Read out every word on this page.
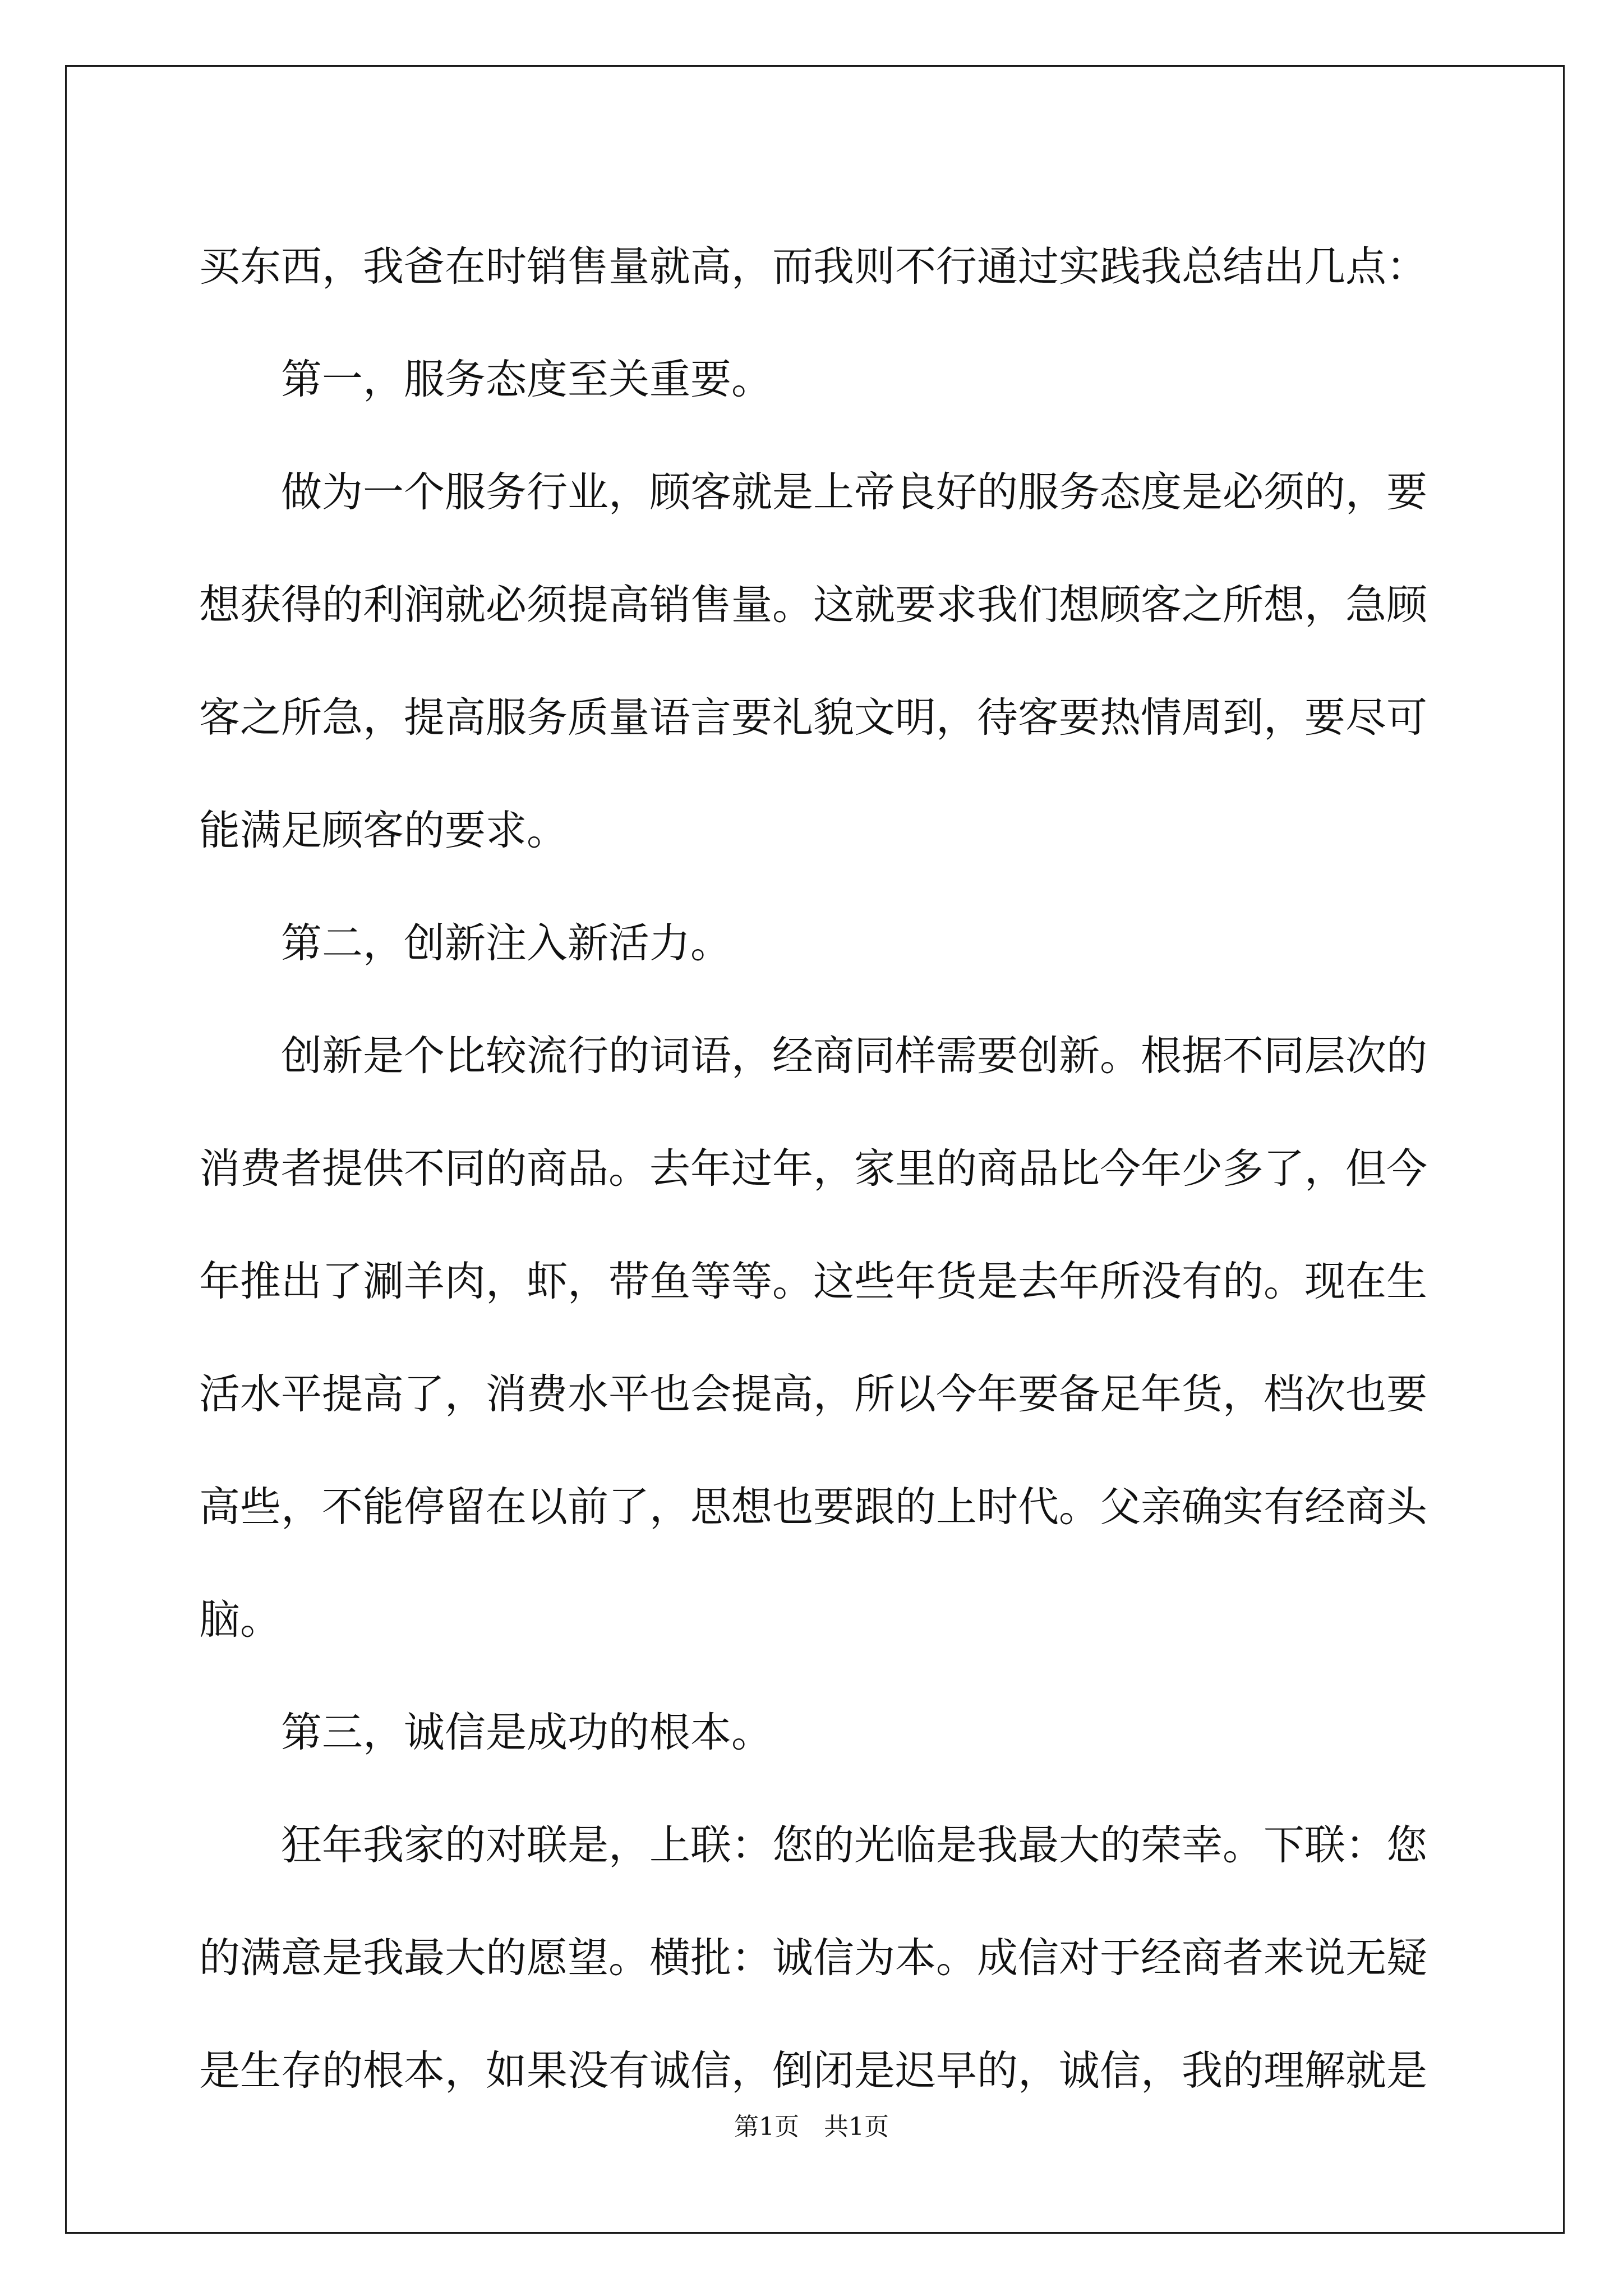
买东西，我爸在时销售量就高，而我则不行通过实践我总结出几点：

第一，服务态度至关重要。

做为一个服务行业，顾客就是上帝良好的服务态度是必须的，要想获得的利润就必须提高销售量。这就要求我们想顾客之所想，急顾客之所急，提高服务质量语言要礼貌文明，待客要热情周到，要尽可能满足顾客的要求。

第二，创新注入新活力。

创新是个比较流行的词语，经商同样需要创新。根据不同层次的消费者提供不同的商品。去年过年，家里的商品比今年少多了，但今年推出了涮羊肉，虾，带鱼等等。这些年货是去年所没有的。现在生活水平提高了，消费水平也会提高，所以今年要备足年货，档次也要高些，不能停留在以前了，思想也要跟的上时代。父亲确实有经商头脑。

第三，诚信是成功的根本。

狂年我家的对联是，上联：您的光临是我最大的荣幸。下联：您的满意是我最大的愿望。横批：诚信为本。成信对于经商者来说无疑是生存的根本，如果没有诚信，倒闭是迟早的，诚信，我的理解就是

第1页　共1页
